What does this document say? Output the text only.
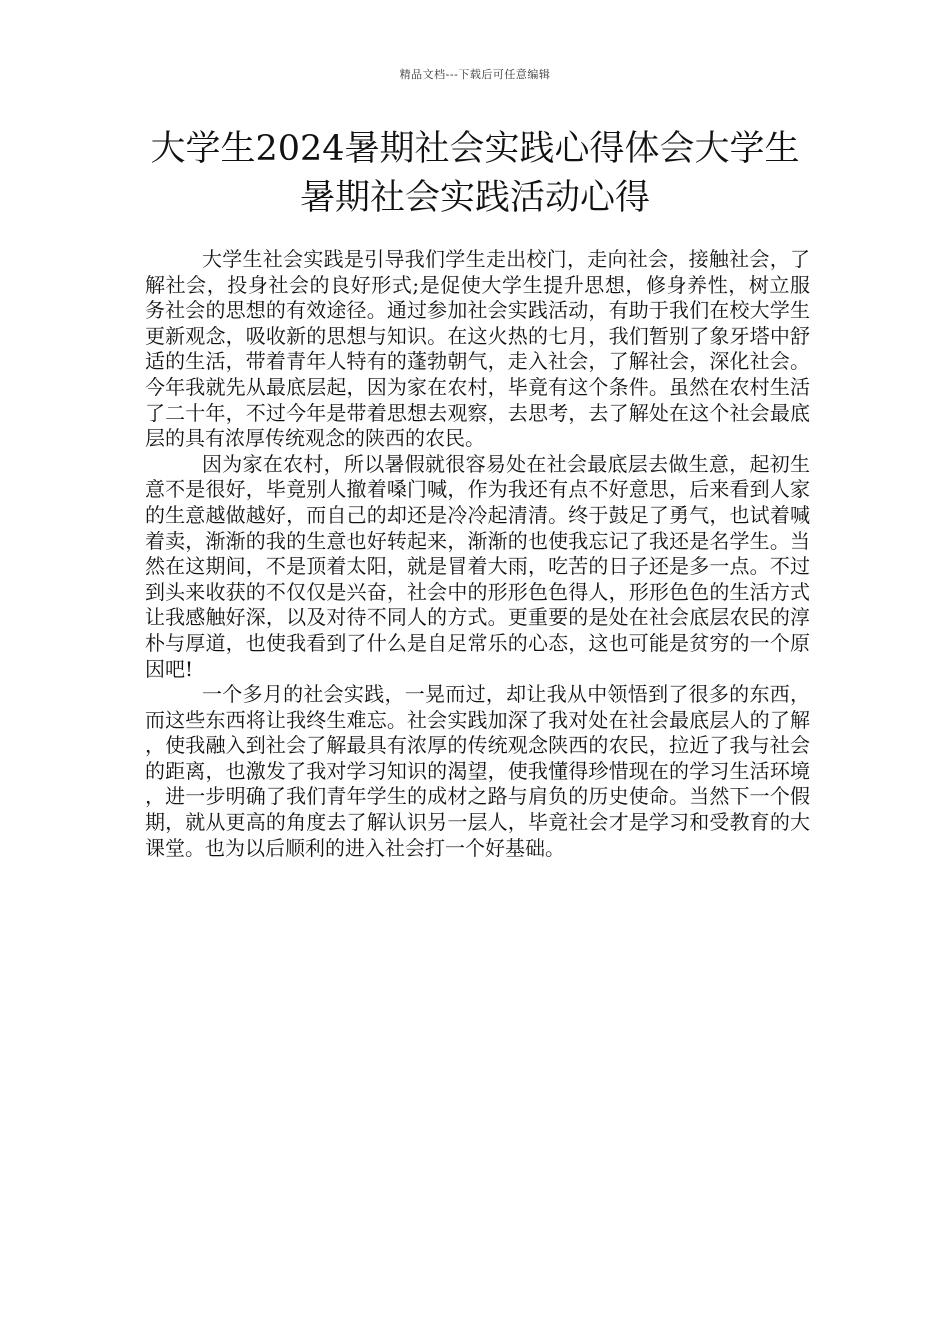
精品文档---下载后可任意编辑
大学生2024暑期社会实践心得体会大学生
暑期社会实践活动心得

大学生社会实践是引导我们学生走出校门，走向社会，接触社会，了解社会，投身社会的良好形式;是促使大学生提升思想，修身养性，树立服务社会的思想的有效途径。通过参加社会实践活动，有助于我们在校大学生更新观念，吸收新的思想与知识。在这火热的七月，我们暂别了象牙塔中舒适的生活，带着青年人特有的蓬勃朝气，走入社会，了解社会，深化社会。今年我就先从最底层起，因为家在农村，毕竟有这个条件。虽然在农村生活了二十年，不过今年是带着思想去观察，去思考，去了解处在这个社会最底层的具有浓厚传统观念的陕西的农民。

因为家在农村，所以暑假就很容易处在社会最底层去做生意，起初生意不是很好，毕竟别人撤着嗓门喊，作为我还有点不好意思，后来看到人家的生意越做越好，而自己的却还是冷冷起清清。终于鼓足了勇气，也试着喊着卖，渐渐的我的生意也好转起来，渐渐的也使我忘记了我还是名学生。当然在这期间，不是顶着太阳，就是冒着大雨，吃苦的日子还是多一点。不过到头来收获的不仅仅是兴奋，社会中的形形色色得人，形形色色的生活方式让我感触好深，以及对待不同人的方式。更重要的是处在社会底层农民的淳朴与厚道，也使我看到了什么是自足常乐的心态，这也可能是贫穷的一个原因吧!

一个多月的社会实践，一晃而过，却让我从中领悟到了很多的东西，而这些东西将让我终生难忘。社会实践加深了我对处在社会最底层人的了解，使我融入到社会了解最具有浓厚的传统观念陕西的农民，拉近了我与社会的距离，也激发了我对学习知识的渴望，使我懂得珍惜现在的学习生活环境，进一步明确了我们青年学生的成材之路与肩负的历史使命。当然下一个假期，就从更高的角度去了解认识另一层人，毕竟社会才是学习和受教育的大课堂。也为以后顺利的进入社会打一个好基础。
